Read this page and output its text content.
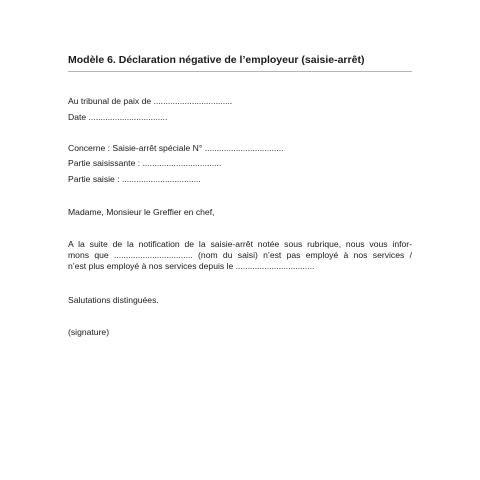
Modèle 6. Déclaration négative de l’employeur (saisie-arrêt)
Au tribunal de paix de .................................
Date .................................
Concerne : Saisie-arrêt spéciale N° .................................
Partie saisissante : .................................
Partie saisie : .................................
Madame, Monsieur le Greffier en chef,
A la suite de la notification de la saisie-arrêt notée sous rubrique, nous vous infor-
mons que ................................. (nom du saisi) n’est pas employé à nos services /
n’est plus employé à nos services depuis le .................................
Salutations distinguées.
(signature)
